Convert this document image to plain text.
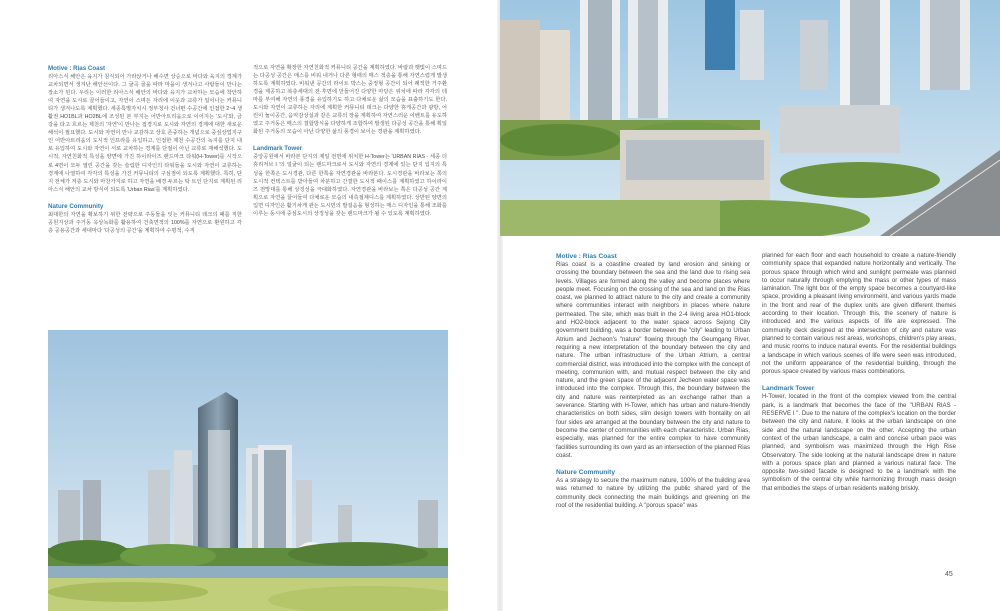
Motive : Rias Coast

리아스식 해안은 육지가 침식되어 가라앉거나 해수면 상승으로 바다와 육지의 경계가 교차되면서 생겨난 해안선이다. 그 굴곡 골을 따라 마을이 생겨나고 사람들이 만나는 장소가 된다. 우리는 이러한 리아스식 해안의 바다와 육지가 교차하는 모습에 착안하여 자연을 도시로 끌어들이고, 자연이 스며든 자리에 이웃과 교류가 일어나는 커뮤니티가 생겨나도록 계획했다. 세종특별자치시 정부청사 건너편 수공간에 인접한 2~4 생활권 HO1BL과 HO2BL에 조성된 본 부지는 어반아트리움으로 이어지는 '도시'와, 금강을 타고 흐르는 제천의 '자연'이 만나는 접경지로 도시와 자연의 경계에 대한 새로운 해석이 필요했다. 도시와 자연이 만나 교감하고 상호 존중하는 개념으로 중심상업지구인 어반아트리움의 도시적 인프라를 유입하고, 인접한 제천 수공간의 녹지를 단지 내로 유입하여 도시와 자연이 서로 교차하는 경계를 단절이 아닌 교류로 재해석했다. 도시적, 자연친화적 특성을 양면에 가진 하이라이즈 랜드마크 타워(H-Tower)를 시작으로 4면이 모두 열린 공간을 갖는 슬림한 디자인의 타워들을 도시와 자연이 교류하는 경계에 나열하여 각각의 특성을 가진 커뮤니티의 구심점이 되도록 계획했다. 특히, 단지 전체가 저층 도시와 마찬가지로 하고 자연을 배경 두르는 탁 트인 단지로 계획된 리아스식 해안의 교차 방식이 되도록 'Urban Rias'를 계획하였다.

Nature Community

최대한의 자연을 확보하기 위한 전략으로 주동들을 잇는 커뮤니티 데크의 패를 직한 공원지상과 주거동 옥상녹화를 활용하여 건축면적의 100%를 자연으로 환원하고 각 층 공용공간과 세대마다 '다공성의 공간'을 계획하여 수평적, 수직

적으로 자연을 확장한 자연친화적 커뮤니티 공간을 계획하였다. 바람과 햇빛이 스며드는 다공성 공간은 매스를 비워 내거나 다른 형태의 매스 적층을 통해 자연스럽게 발생하도록 계획하였다. 비워낸 공간의 라이트 박스는 중정형 공간이 되어 쾌적한 거주환경을 제공하고 복층세대의 전·후면에 만들어진 다양한 마당은 위치에 따라 각각의 테마를 부여해 자연의 풍경을 유입하기도 하고 다채로운 삶의 모습을 표출하기도 한다. 도시와 자연이 교류하는 자리에 계획한 커뮤니티 데크는 다양한 휴게공간과 광방, 어린이 놀이공간, 음악감상실과 같은 교류의 장을 계획하여 자연스러운 이벤트를 유도하였고 주거동은 매스의 결합방식을 다양하게 조합하여 발생된 다공성 공간을 통해 획일화된 주거동의 모습이 아닌 다양한 삶의 풍경이 보이는 경관을 계획하였다.

Landmark Tower

중앙공원에서 바라본 단지의 제일 전면에 위치한 H-Tower는 'URBAN RIAS - 세종 더휴리저브 I '의 얼굴이 되는 랜드마크로서 도시와 자연의 경계에 있는 단지 입지의 특성을 한쪽은 도시경관, 다른 한쪽을 자연경관을 바라본다. 도시경관을 바라보는 쪽의 도시적 컨텍스트를 받아들여 차분하고 간결한 도시적 패이스를 계획하였고 하이라이즈 전망대를 통해 상징성을 극대화하였다. 자연경관을 바라보는 쪽은 다공성 공간 계획으로 자연을 끌어들여 다채로운 모습의 내측절제디스를 계획하였다. 상반된 양면의 입면 디자인은 활기차게 관는 도시민의 발걸음을 형성하는 매스 디자인을 통해 조화를 이루는 동시에 중심도시의 상징성을 갖는 랜드마크가 될 수 있도록 계획하였다.

Motive : Rias Coast

Rias coast is a coastline created by land erosion and sinking or crossing the boundary between the sea and the land due to rising sea levels. Villages are formed along the valley and become places where people meet. Focusing on the crossing of the sea and land on the Rias coast, we planned to attract nature to the city and create a community where communities interact with neighbors in places where nature permeated. The site, which was built in the 2-4 living area HO1-block and HO2-block adjacent to the water space across Sejong City government building, was a border between the "city" leading to Urban Atrium and Jecheon's "nature" flowing through the Geumgang River, requiring a new interpretation of the boundary between the city and nature. The urban infrastructure of the Urban Atrium, a central commercial district, was introduced into the complex with the concept of meeting, communion with, and mutual respect between the city and nature, and the green space of the adjacent Jecheon water space was introduced into the complex. Through this, the boundary between the city and nature was reinterpreted as an exchange rather than a severance. Starting with H-Tower, which has urban and nature-friendly characteristics on both sides, slim design towers with frontality on all four sides are arranged at the boundary between the city and nature to become the center of communities with each characteristic. Urban Rias, especially, was planned for the entire complex to have community facilities surrounding its own yard as an intersection of the planned Rias coast.

Nature Community

As a strategy to secure the maximum nature, 100% of the building area was returned to nature by utilizing the public shared yard of the community deck connecting the main buildings and greening on the roof of the residential building. A "porous space" was

planned for each floor and each household to create a nature-friendly community space that expanded nature horizontally and vertically. The porous space through which wind and sunlight permeate was planned to occur naturally through emptying the mass or other types of mass lamination. The light box of the empty space becomes a courtyard-like space, providing a pleasant living environment, and various yards made in the front and rear of the duplex units are given different themes according to their location. Through this, the scenery of nature is introduced and the various aspects of life are expressed. The community deck designed at the intersection of city and nature was planned to contain various rest areas, workshops, children's play areas, and music rooms to induce natural events. For the residential buildings a landscape in which various scenes of life were seen was introduced, not the uniform appearance of the residential building, through the porous space created by various mass combinations.

Landmark Tower

H-Tower, located in the front of the complex viewed from the central park, is a landmark that becomes the face of the "URBAN RIAS - RESERVE I ". Due to the nature of the complex's location on the border between the city and nature, it looks at the urban landscape on one side and the natural landscape on the other. Accepting the urban context of the urban landscape, a calm and concise urban pace was planned, and symbolism was maximized through the High Rise Observatory. The side looking at the natural landscape drew in nature with a porous space plan and planned a various natural face. The opposite two-sided facade is designed to be a landmark with the symbolism of the central city while harmonizing through mass design that embodies the steps of urban residents walking briskly.

45
